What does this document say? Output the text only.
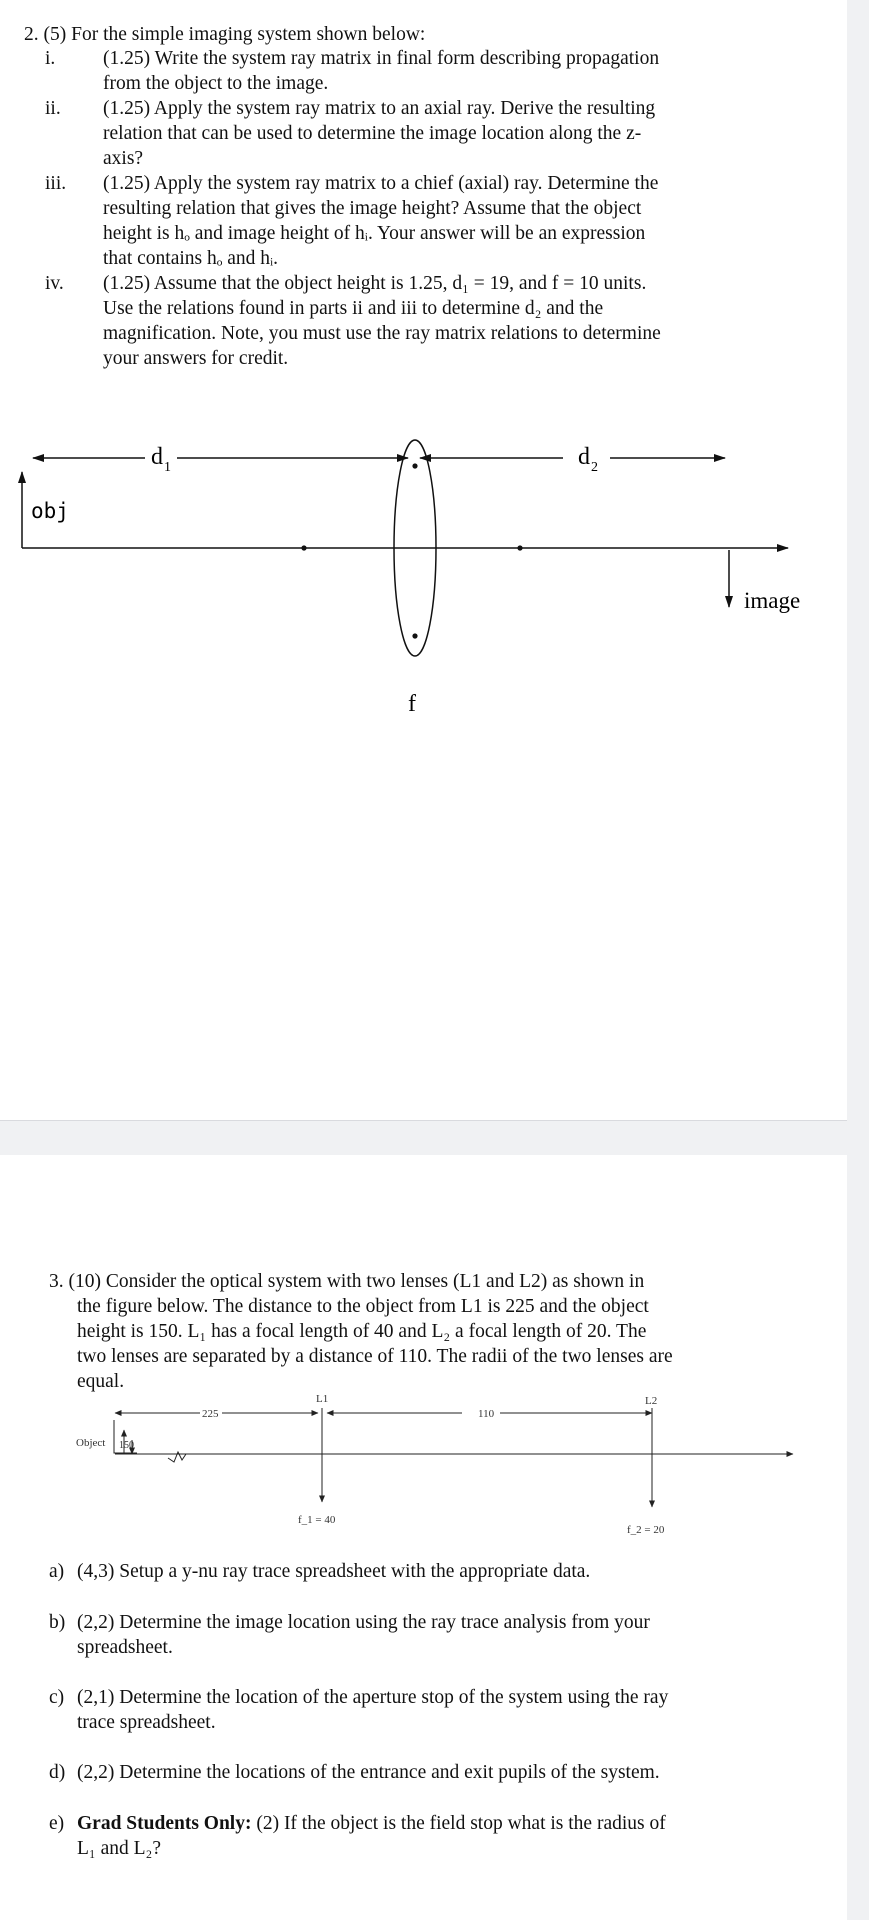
2. (5) For the simple imaging system shown below:
i. (1.25) Write the system ray matrix in final form describing propagation
from the object to the image.
ii. (1.25) Apply the system ray matrix to an axial ray. Derive the resulting
relation that can be used to determine the image location along the z-
axis?
iii. (1.25) Apply the system ray matrix to a chief (axial) ray. Determine the
resulting relation that gives the image height? Assume that the object
height is hₒ and image height of hᵢ. Your answer will be an expression
that contains hₒ and hᵢ.
iv. (1.25) Assume that the object height is 1.25, d₁ = 19, and f = 10 units.
Use the relations found in parts ii and iii to determine d₂ and the
magnification. Note, you must use the ray matrix relations to determine
your answers for credit.
d 1	d 2
obj
image
f
3. (10) Consider the optical system with two lenses (L1 and L2) as shown in
the figure below. The distance to the object from L1 is 225 and the object
height is 150. L₁ has a focal length of 40 and L₂ a focal length of 20. The
two lenses are separated by a distance of 110. The radii of the two lenses are
equal.
225	110
L1	L2
Object 150
f_1 = 40
f_2 = 20
a) (4,3) Setup a y-nu ray trace spreadsheet with the appropriate data.
b) (2,2) Determine the image location using the ray trace analysis from your
spreadsheet.
c) (2,1) Determine the location of the aperture stop of the system using the ray
trace spreadsheet.
d) (2,2) Determine the locations of the entrance and exit pupils of the system.
e) Grad Students Only: (2) If the object is the field stop what is the radius of
L₁ and L₂?
